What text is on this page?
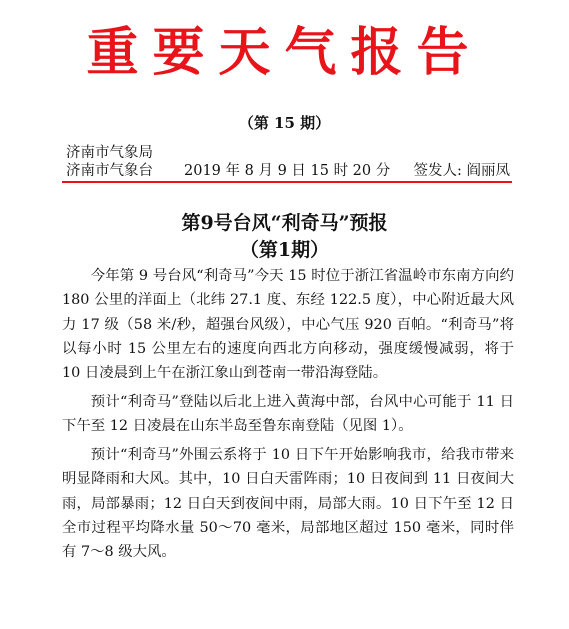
重要天气报告
（第 15 期）
济南市气象局
济南市气象台 2019 年 8 月 9 日 15 时 20 分 签发人: 阎丽凤
第9号台风“利奇马”预报
（第1期）

今年第 9 号台风“利奇马”今天 15 时位于浙江省温岭市东南方向约 180 公里的洋面上（北纬 27.1 度、东经 122.5 度），中心附近最大风力 17 级（58 米/秒，超强台风级），中心气压 920 百帕。“利奇马”将以每小时 15 公里左右的速度向西北方向移动，强度缓慢减弱，将于 10 日凌晨到上午在浙江象山到苍南一带沿海登陆。

预计“利奇马”登陆以后北上进入黄海中部，台风中心可能于 11 日下午至 12 日凌晨在山东半岛至鲁东南登陆（见图 1）。

预计“利奇马”外围云系将于 10 日下午开始影响我市，给我市带来明显降雨和大风。其中，10 日白天雷阵雨；10 日夜间到 11 日夜间大雨，局部暴雨；12 日白天到夜间中雨，局部大雨。10 日下午至 12 日全市过程平均降水量 50～70 毫米，局部地区超过 150 毫米，同时伴有 7～8 级大风。
